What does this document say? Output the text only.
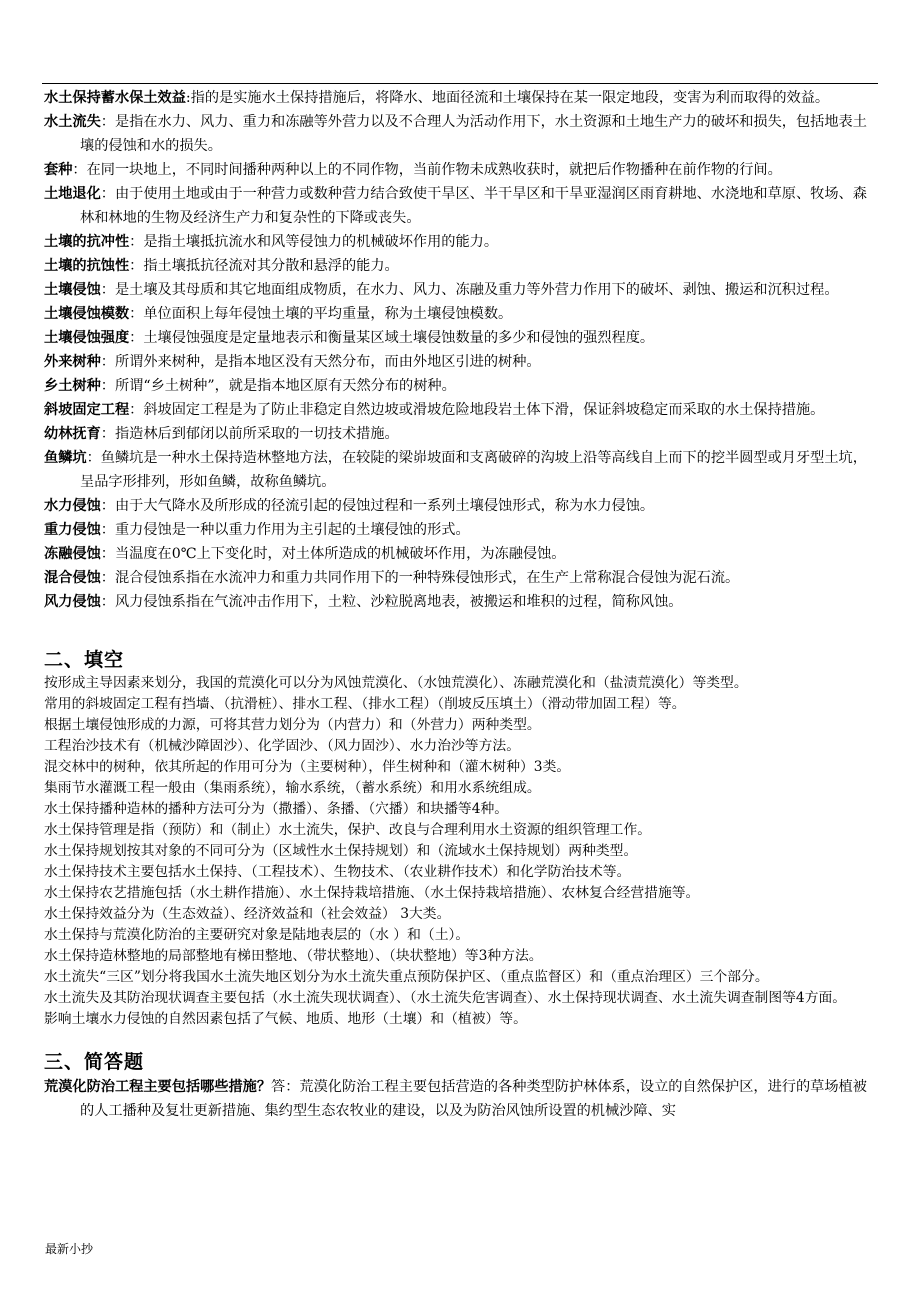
水土保持蓄水保土效益:指的是实施水土保持措施后，将降水、地面径流和土壤保持在某一限定地段，变害为利而取得的效益。

水土流失：是指在水力、风力、重力和冻融等外营力以及不合理人为活动作用下，水土资源和土地生产力的破坏和损失，包括地表土壤的侵蚀和水的损失。

套种：在同一块地上，不同时间播种两种以上的不同作物，当前作物未成熟收获时，就把后作物播种在前作物的行间。

土地退化：由于使用土地或由于一种营力或数种营力结合致使干旱区、半干旱区和干旱亚湿润区雨育耕地、水浇地和草原、牧场、森林和林地的生物及经济生产力和复杂性的下降或丧失。

土壤的抗冲性：是指土壤抵抗流水和风等侵蚀力的机械破坏作用的能力。

土壤的抗蚀性：指土壤抵抗径流对其分散和悬浮的能力。

土壤侵蚀：是土壤及其母质和其它地面组成物质，在水力、风力、冻融及重力等外营力作用下的破坏、剥蚀、搬运和沉积过程。

土壤侵蚀模数：单位面积上每年侵蚀土壤的平均重量，称为土壤侵蚀模数。

土壤侵蚀强度：土壤侵蚀强度是定量地表示和衡量某区域土壤侵蚀数量的多少和侵蚀的强烈程度。

外来树种：所谓外来树种，是指本地区没有天然分布，而由外地区引进的树种。

乡土树种：所谓“乡土树种”，就是指本地区原有天然分布的树种。

斜坡固定工程：斜坡固定工程是为了防止非稳定自然边坡或滑坡危险地段岩土体下滑，保证斜坡稳定而采取的水土保持措施。

幼林抚育：指造林后到郁闭以前所采取的一切技术措施。

鱼鳞坑：鱼鳞坑是一种水土保持造林整地方法，在较陡的梁峁坡面和支离破碎的沟坡上沿等高线自上而下的挖半圆型或月牙型土坑，呈品字形排列，形如鱼鳞，故称鱼鳞坑。

水力侵蚀：由于大气降水及所形成的径流引起的侵蚀过程和一系列土壤侵蚀形式，称为水力侵蚀。

重力侵蚀：重力侵蚀是一种以重力作用为主引起的土壤侵蚀的形式。

冻融侵蚀：当温度在0℃上下变化时，对土体所造成的机械破坏作用，为冻融侵蚀。

混合侵蚀：混合侵蚀系指在水流冲力和重力共同作用下的一种特殊侵蚀形式，在生产上常称混合侵蚀为泥石流。

风力侵蚀：风力侵蚀系指在气流冲击作用下，土粒、沙粒脱离地表，被搬运和堆积的过程，简称风蚀。

二、填空

按形成主导因素来划分，我国的荒漠化可以分为风蚀荒漠化、（水蚀荒漠化）、冻融荒漠化和（盐渍荒漠化）等类型。

常用的斜坡固定工程有挡墙、（抗滑桩）、排水工程、（排水工程）（削坡反压填土）（滑动带加固工程）等。

根据土壤侵蚀形成的力源，可将其营力划分为（内营力）和（外营力）两种类型。

工程治沙技术有（机械沙障固沙）、化学固沙、（风力固沙）、水力治沙等方法。

混交林中的树种，依其所起的作用可分为（主要树种），伴生树种和（灌木树种）3类。

集雨节水灌溉工程一般由（集雨系统），输水系统，（蓄水系统）和用水系统组成。

水土保持播种造林的播种方法可分为（撒播）、条播、（穴播）和块播等4种。

水土保持管理是指（预防）和（制止）水土流失，保护、改良与合理利用水土资源的组织管理工作。

水土保持规划按其对象的不同可分为（区域性水土保持规划）和（流域水土保持规划）两种类型。

水土保持技术主要包括水土保持、（工程技术）、生物技术、（农业耕作技术）和化学防治技术等。

水土保持农艺措施包括（水土耕作措施）、水土保持栽培措施、（水土保持栽培措施）、农林复合经营措施等。

水土保持效益分为（生态效益）、经济效益和（社会效益） 3大类。

水土保持与荒漠化防治的主要研究对象是陆地表层的（水 ）和（土）。

水土保持造林整地的局部整地有梯田整地、（带状整地）、（块状整地）等3种方法。

水土流失“三区”划分将我国水土流失地区划分为水土流失重点预防保护区、（重点监督区）和（重点治理区）三个部分。

水土流失及其防治现状调查主要包括（水土流失现状调查）、（水土流失危害调查）、水土保持现状调查、水土流失调查制图等4方面。

影响土壤水力侵蚀的自然因素包括了气候、地质、地形（土壤）和（植被）等。

三、简答题

荒漠化防治工程主要包括哪些措施？答：荒漠化防治工程主要包括营造的各种类型防护林体系，设立的自然保护区，进行的草场植被的人工播种及复壮更新措施、集约型生态农牧业的建设，以及为防治风蚀所设置的机械沙障、实

最新小抄
